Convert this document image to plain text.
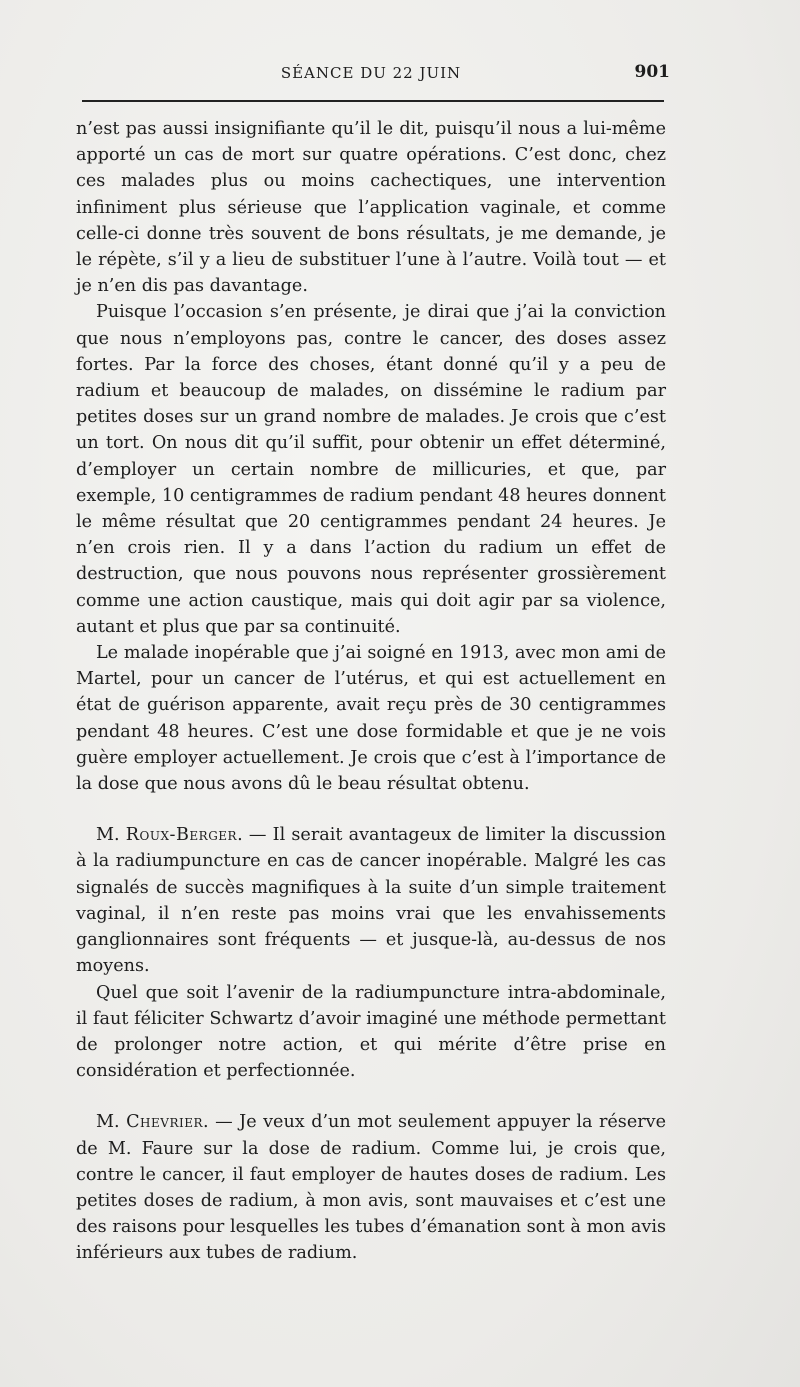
SÉANCE DU 22 JUIN	901

n’est pas aussi insignifiante qu’il le dit, puisqu’il nous a lui-même apporté un cas de mort sur quatre opérations. C’est donc, chez ces malades plus ou moins cachectiques, une intervention infiniment plus sérieuse que l’application vaginale, et comme celle-ci donne très souvent de bons résultats, je me demande, je le répète, s’il y a lieu de substituer l’une à l’autre. Voilà tout — et je n’en dis pas davantage.

Puisque l’occasion s’en présente, je dirai que j’ai la conviction que nous n’employons pas, contre le cancer, des doses assez fortes. Par la force des choses, étant donné qu’il y a peu de radium et beaucoup de malades, on dissémine le radium par petites doses sur un grand nombre de malades. Je crois que c’est un tort. On nous dit qu’il suffit, pour obtenir un effet déterminé, d’employer un certain nombre de millicuries, et que, par exemple, 10 centigrammes de radium pendant 48 heures donnent le même résultat que 20 centigrammes pendant 24 heures. Je n’en crois rien. Il y a dans l’action du radium un effet de destruction, que nous pouvons nous représenter grossièrement comme une action caustique, mais qui doit agir par sa violence, autant et plus que par sa continuité.

Le malade inopérable que j’ai soigné en 1913, avec mon ami de Martel, pour un cancer de l’utérus, et qui est actuellement en état de guérison apparente, avait reçu près de 30 centigrammes pendant 48 heures. C’est une dose formidable et que je ne vois guère employer actuellement. Je crois que c’est à l’importance de la dose que nous avons dû le beau résultat obtenu.

M. Roux-Berger. — Il serait avantageux de limiter la discussion à la radiumpuncture en cas de cancer inopérable. Malgré les cas signalés de succès magnifiques à la suite d’un simple traitement vaginal, il n’en reste pas moins vrai que les envahissements ganglionnaires sont fréquents — et jusque-là, au-dessus de nos moyens.

Quel que soit l’avenir de la radiumpuncture intra-abdominale, il faut féliciter Schwartz d’avoir imaginé une méthode permettant de prolonger notre action, et qui mérite d’être prise en considération et perfectionnée.

M. Chevrier. — Je veux d’un mot seulement appuyer la réserve de M. Faure sur la dose de radium. Comme lui, je crois que, contre le cancer, il faut employer de hautes doses de radium. Les petites doses de radium, à mon avis, sont mauvaises et c’est une des raisons pour lesquelles les tubes d’émanation sont à mon avis inférieurs aux tubes de radium.
